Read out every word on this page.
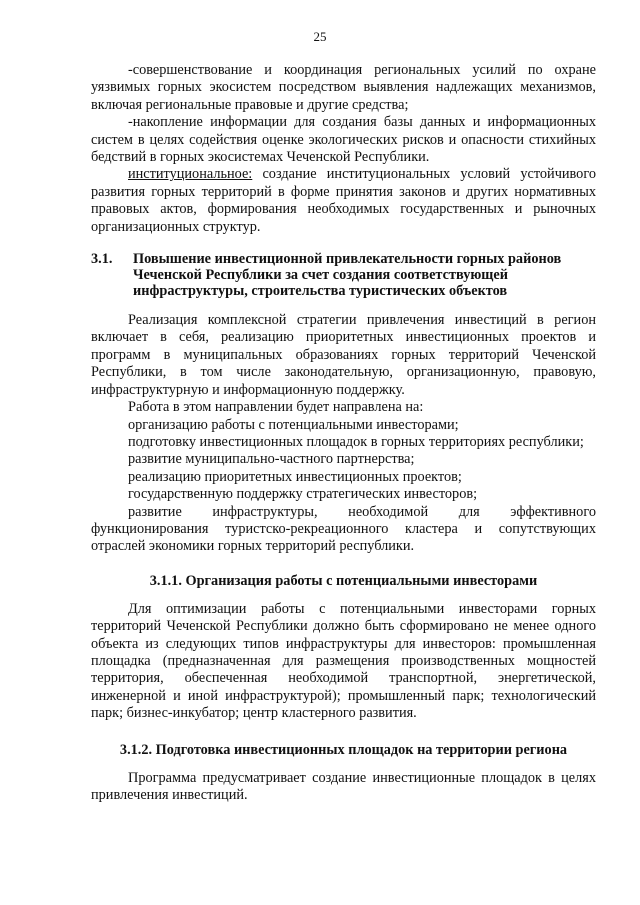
25

-совершенствование и координация региональных усилий по охране уязвимых горных экосистем посредством выявления надлежащих механизмов, включая региональные правовые и другие средства;

-накопление информации для создания базы данных и информационных систем в целях содействия оценке экологических рисков и опасности стихийных бедствий в горных экосистемах Чеченской Республики.

институциональное: создание институциональных условий устойчивого развития горных территорий в форме принятия законов и других нормативных правовых актов, формирования необходимых государственных и рыночных организационных структур.

3.1. Повышение инвестиционной привлекательности горных районов
Чеченской Республики за счет создания соответствующей
инфраструктуры, строительства туристических объектов

Реализация комплексной стратегии привлечения инвестиций в регион включает в себя, реализацию приоритетных инвестиционных проектов и программ в муниципальных образованиях горных территорий Чеченской Республики, в том числе законодательную, организационную, правовую, инфраструктурную и информационную поддержку.

Работа в этом направлении будет направлена на:

организацию работы с потенциальными инвесторами;

подготовку инвестиционных площадок в горных территориях республики;

развитие муниципально-частного партнерства;

реализацию приоритетных инвестиционных проектов;

государственную поддержку стратегических инвесторов;

развитие инфраструктуры, необходимой для эффективного функционирования туристско-рекреационного кластера и сопутствующих отраслей экономики горных территорий республики.

3.1.1. Организация работы с потенциальными инвесторами

Для оптимизации работы с потенциальными инвесторами горных территорий Чеченской Республики должно быть сформировано не менее одного объекта из следующих типов инфраструктуры для инвесторов: промышленная площадка (предназначенная для размещения производственных мощностей территория, обеспеченная необходимой транспортной, энергетической, инженерной и иной инфраструктурой); промышленный парк; технологический парк; бизнес-инкубатор; центр кластерного развития.

3.1.2. Подготовка инвестиционных площадок на территории региона

Программа предусматривает создание инвестиционные площадок в целях привлечения инвестиций.
